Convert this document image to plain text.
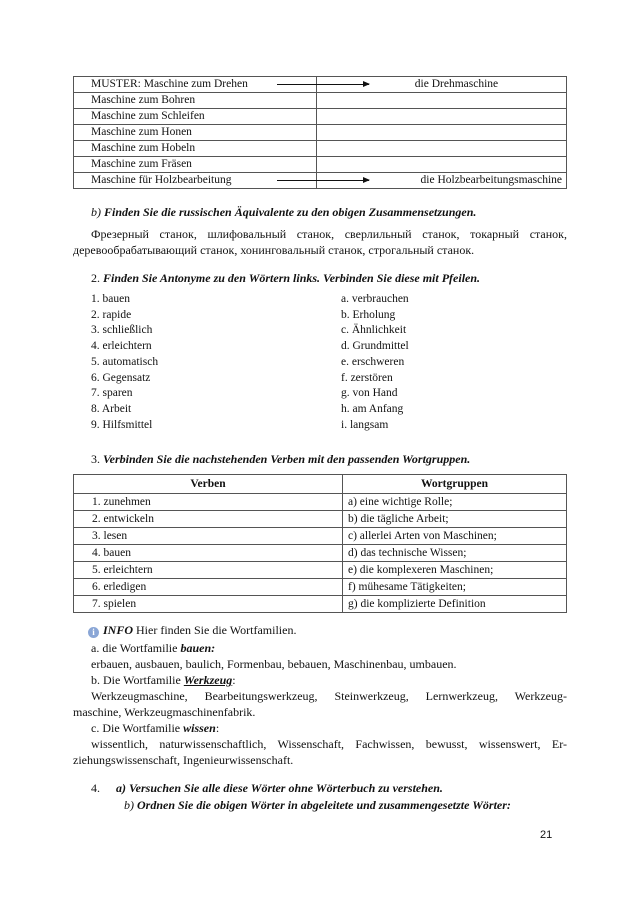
MUSTER: Maschine zum Drehen	die Drehmaschine

Maschine zum Bohren	
Maschine zum Schleifen	
Maschine zum Honen	
Maschine zum Hobeln	
Maschine zum Fräsen	
Maschine für Holzbearbeitung	die Holzbearbeitungsmaschine
b) Finden Sie die russischen Äquivalente zu den obigen Zusammensetzungen.
Фрезерный станок, шлифовальный станок, сверлильный станок, токарный станок,
деревообрабатывающий станок, хонинговальный станок, строгальный станок.
2. Finden Sie Antonyme zu den Wörtern links. Verbinden Sie diese mit Pfeilen.
1. bauen
2. rapide
3. schließlich
4. erleichtern
5. automatisch
6. Gegensatz
7. sparen
8. Arbeit
9. Hilfsmittel
a. verbrauchen
b. Erholung
c. Ähnlichkeit
d. Grundmittel
e. erschweren
f. zerstören
g. von Hand
h. am Anfang
i. langsam
3. Verbinden Sie die nachstehenden Verben mit den passenden Wortgruppen.
Verben	Wortgruppen
1. zunehmen	a) eine wichtige Rolle;
2. entwickeln	b) die tägliche Arbeit;
3. lesen	c) allerlei Arten von Maschinen;
4. bauen	d) das technische Wissen;
5. erleichtern	e) die komplexeren Maschinen;
6. erledigen	f) mühesame Tätigkeiten;
7. spielen	g) die komplizierte Definition
i INFO Hier finden Sie die Wortfamilien.
a. die Wortfamilie bauen:
erbauen, ausbauen, baulich, Formenbau, bebauen, Maschinenbau, umbauen.
b. Die Wortfamilie Werkzeug:
Werkzeugmaschine, Bearbeitungswerkzeug, Steinwerkzeug, Lernwerkzeug, Werkzeug-
maschine, Werkzeugmaschinenfabrik.
c. Die Wortfamilie wissen:
wissentlich, naturwissenschaftlich, Wissenschaft, Fachwissen, bewusst, wissenswert, Er-
ziehungswissenschaft, Ingenieurwissenschaft.
4. a) Versuchen Sie alle diese Wörter ohne Wörterbuch zu verstehen.
b) Ordnen Sie die obigen Wörter in abgeleitete und zusammengesetzte Wörter:
21
